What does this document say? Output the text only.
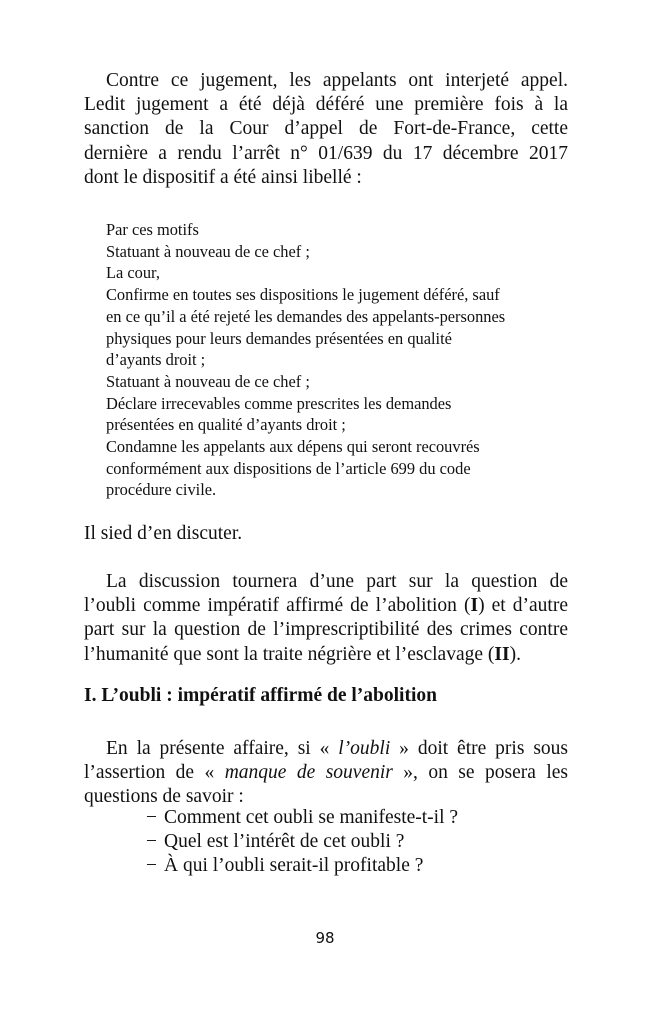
Contre ce jugement, les appelants ont interjeté appel.
Ledit jugement a été déjà déféré une première fois à la
sanction de la Cour d’appel de Fort-de-France, cette
dernière a rendu l’arrêt n° 01/639 du 17 décembre 2017
dont le dispositif a été ainsi libellé :

Par ces motifs
Statuant à nouveau de ce chef ;
La cour,
Confirme en toutes ses dispositions le jugement déféré, sauf
en ce qu’il a été rejeté les demandes des appelants-personnes
physiques pour leurs demandes présentées en qualité
d’ayants droit ;
Statuant à nouveau de ce chef ;
Déclare irrecevables comme prescrites les demandes
présentées en qualité d’ayants droit ;
Condamne les appelants aux dépens qui seront recouvrés
conformément aux dispositions de l’article 699 du code
procédure civile.

Il sied d’en discuter.

La discussion tournera d’une part sur la question de
l’oubli comme impératif affirmé de l’abolition (I) et d’autre
part sur la question de l’imprescriptibilité des crimes contre
l’humanité que sont la traite négrière et l’esclavage (II).

I. L’oubli : impératif affirmé de l’abolition

En la présente affaire, si « l’oubli » doit être pris sous
l’assertion de « manque de souvenir », on se posera les
questions de savoir :

− Comment cet oubli se manifeste-t-il ?
− Quel est l’intérêt de cet oubli ?
− À qui l’oubli serait-il profitable ?
98
